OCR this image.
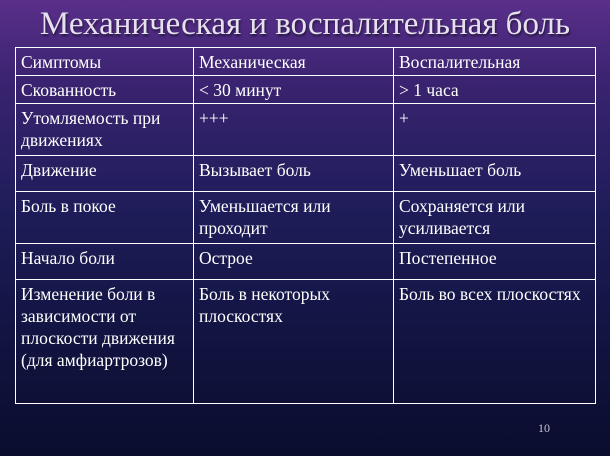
Механическая и воспалительная боль
Симптомы	Механическая	Воспалительная
Скованность	< 30 минут	> 1 часа
Утомляемость при движениях	+++	+
Движение	Вызывает боль	Уменьшает боль
Боль в покое	Уменьшается или проходит	Сохраняется или усиливается
Начало боли	Острое	Постепенное
Изменение боли в зависимости от плоскости движения (для амфиартрозов)	Боль в некоторых плоскостях	Боль во всех плоскостях
10
